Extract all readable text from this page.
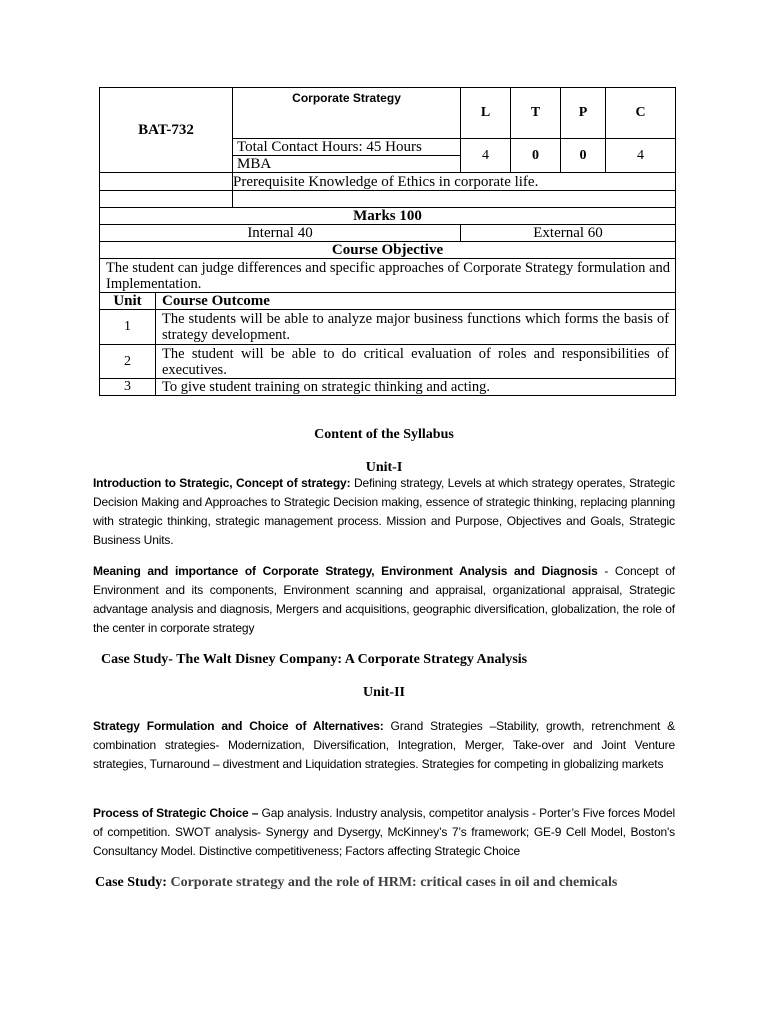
BAT-732		Corporate Strategy	L	T	P	C
		Total Contact Hours: 45 Hours	4	0	0	4
		MBA				
		Prerequisite Knowledge of Ethics in corporate life.				

Marks 100						
Internal 40			External 60			
Course Objective						
The student can judge differences and specific approaches of Corporate Strategy formulation and Implementation.						
Unit	Course Outcome					
1	The students will be able to analyze major business functions which forms the basis of strategy development.					
2	The student will be able to do critical evaluation of roles and responsibilities of executives.					
3	To give student training on strategic thinking and acting.					
Content of the Syllabus
Unit-I
Introduction to Strategic, Concept of strategy: Defining strategy, Levels at which strategy operates, Strategic Decision Making and Approaches to Strategic Decision making, essence of strategic thinking, replacing planning with strategic thinking, strategic management process. Mission and Purpose, Objectives and Goals, Strategic Business Units.
Meaning and importance of Corporate Strategy, Environment Analysis and Diagnosis - Concept of Environment and its components, Environment scanning and appraisal, organizational appraisal, Strategic advantage analysis and diagnosis, Mergers and acquisitions, geographic diversification, globalization, the role of the center in corporate strategy
Case Study- The Walt Disney Company: A Corporate Strategy Analysis
Unit-II
Strategy Formulation and Choice of Alternatives: Grand Strategies –Stability, growth, retrenchment & combination strategies- Modernization, Diversification, Integration, Merger, Take-over and Joint Venture strategies, Turnaround – divestment and Liquidation strategies. Strategies for competing in globalizing markets
Process of Strategic Choice – Gap analysis. Industry analysis, competitor analysis - Porter’s Five forces Model of competition. SWOT analysis- Synergy and Dysergy, McKinney’s 7’s framework; GE-9 Cell Model, Boston's Consultancy Model. Distinctive competitiveness; Factors affecting Strategic Choice
Case Study: Corporate strategy and the role of HRM: critical cases in oil and chemicals
